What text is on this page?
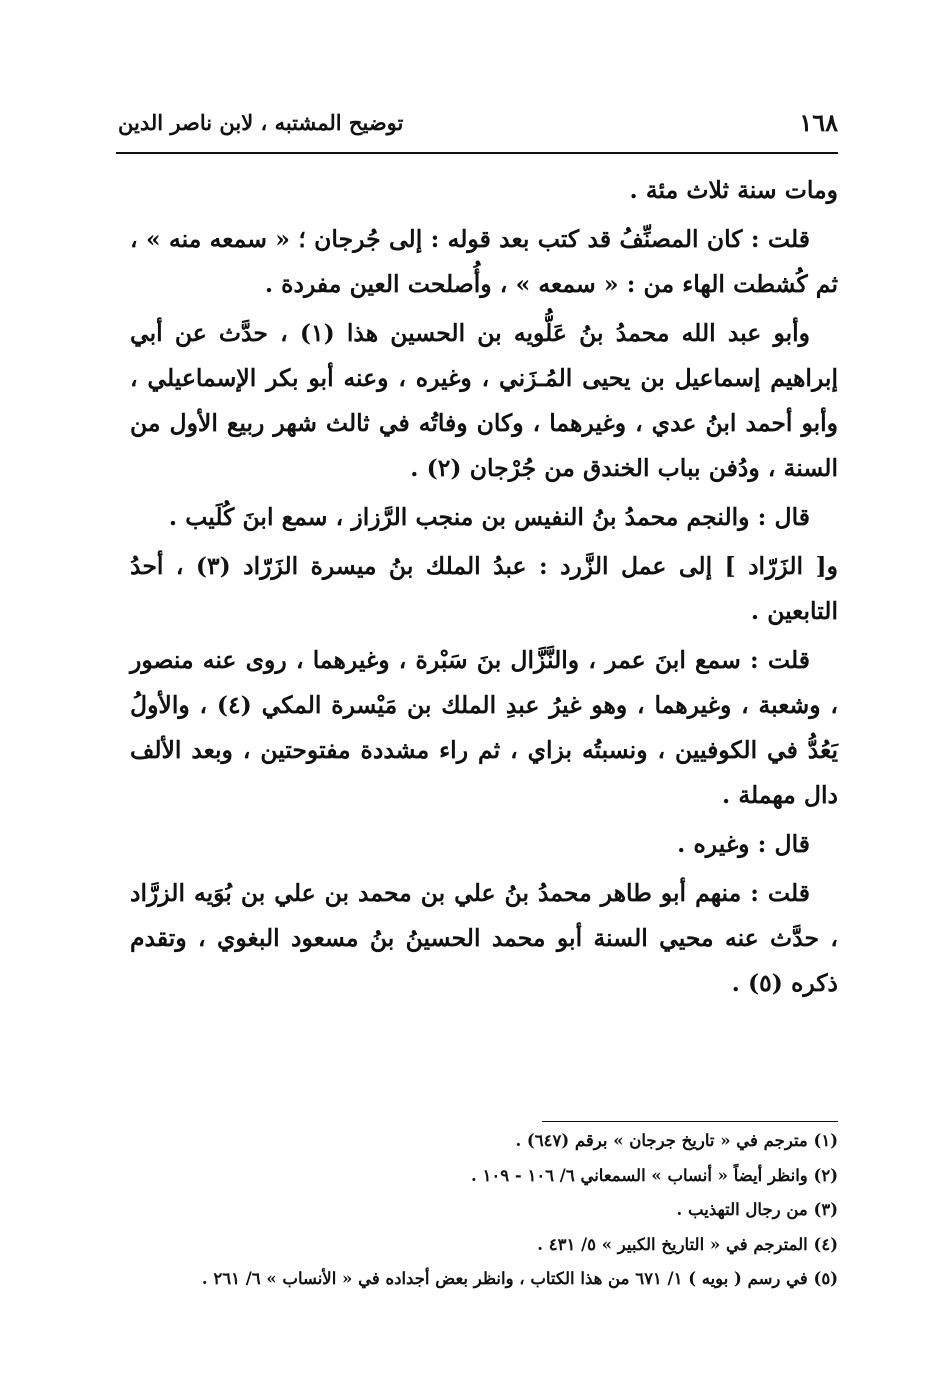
١٦٨
توضيح المشتبه ، لابن ناصر الدين

ومات سنة ثلاث مئة .

قلت : كان المصنِّفُ قد كتب بعد قوله : إلى جُرجان ؛ « سمعه منه » ، ثم كُشطت الهاء من : « سمعه » ، وأُصلحت العين مفردة .

وأبو عبد الله محمدُ بنُ عَلُّويه بن الحسين هذا (١) ، حدَّث عن أبي إبراهيم إسماعيل بن يحيى المُـزَني ، وغيره ، وعنه أبو بكر الإسماعيلي ، وأبو أحمد ابنُ عدي ، وغيرهما ، وكان وفاتُه في ثالث شهر ربيع الأول من السنة ، ودُفن بباب الخندق من جُرْجان (٢) .

قال : والنجم محمدُ بنُ النفيس بن منجب الرَّزاز ، سمع ابنَ كُلَيب .

و[ الزَرّاد ] إلى عمل الزَّرد : عبدُ الملك بنُ ميسرة الزَرّاد (٣) ، أحدُ التابعين .

قلت : سمع ابنَ عمر ، والنَّزَّال بنَ سَبْرة ، وغيرهما ، روى عنه منصور ، وشعبة ، وغيرهما ، وهو غيرُ عبدِ الملك بن مَيْسرة المكي (٤) ، والأولُ يَعُدُّ في الكوفيين ، ونسبتُه بزاي ، ثم راء مشددة مفتوحتين ، وبعد الألف دال مهملة .

قال : وغيره .

قلت : منهم أبو طاهر محمدُ بنُ علي بن محمد بن علي بن بُوَيه الزرَّاد ، حدَّث عنه محيي السنة أبو محمد الحسينُ بنُ مسعود البغوي ، وتقدم ذكره (٥) .

(١) مترجم في « تاريخ جرجان » برقم (٦٤٧) .
(٢) وانظر أيضاً « أنساب » السمعاني ٦/ ١٠٦ - ١٠٩ .
(٣) من رجال التهذيب .
(٤) المترجم في « التاريخ الكبير » ٥/ ٤٣١ .
(٥) في رسم ( بويه ) ١/ ٦٧١ من هذا الكتاب ، وانظر بعض أجداده في « الأنساب » ٦/ ٢٦١ .
